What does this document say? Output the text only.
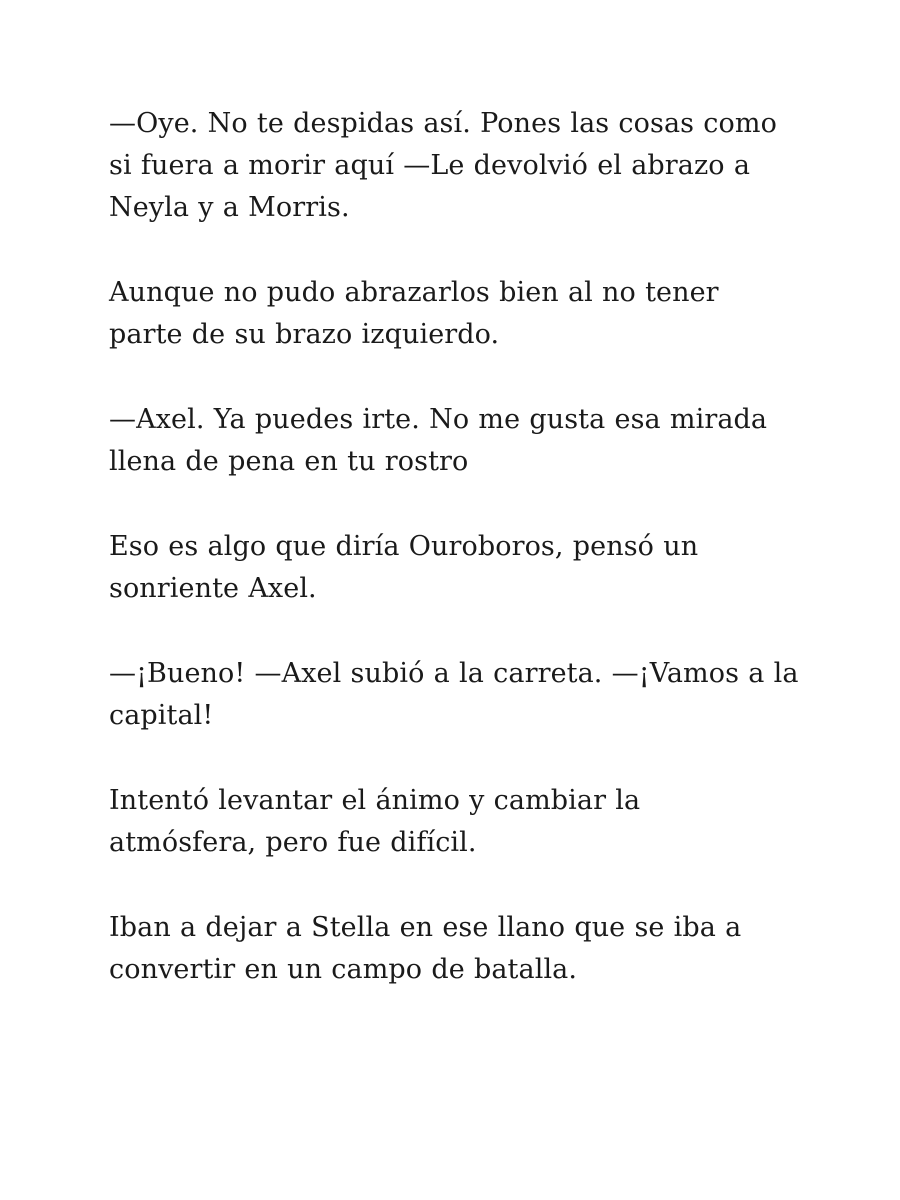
—Oye. No te despidas así. Pones las cosas como
si fuera a morir aquí —Le devolvió el abrazo a
Neyla y a Morris.

Aunque no pudo abrazarlos bien al no tener
parte de su brazo izquierdo.

—Axel. Ya puedes irte. No me gusta esa mirada
llena de pena en tu rostro

Eso es algo que diría Ouroboros, pensó un
sonriente Axel.

—¡Bueno! —Axel subió a la carreta. —¡Vamos a la
capital!

Intentó levantar el ánimo y cambiar la
atmósfera, pero fue difícil.

Iban a dejar a Stella en ese llano que se iba a
convertir en un campo de batalla.
